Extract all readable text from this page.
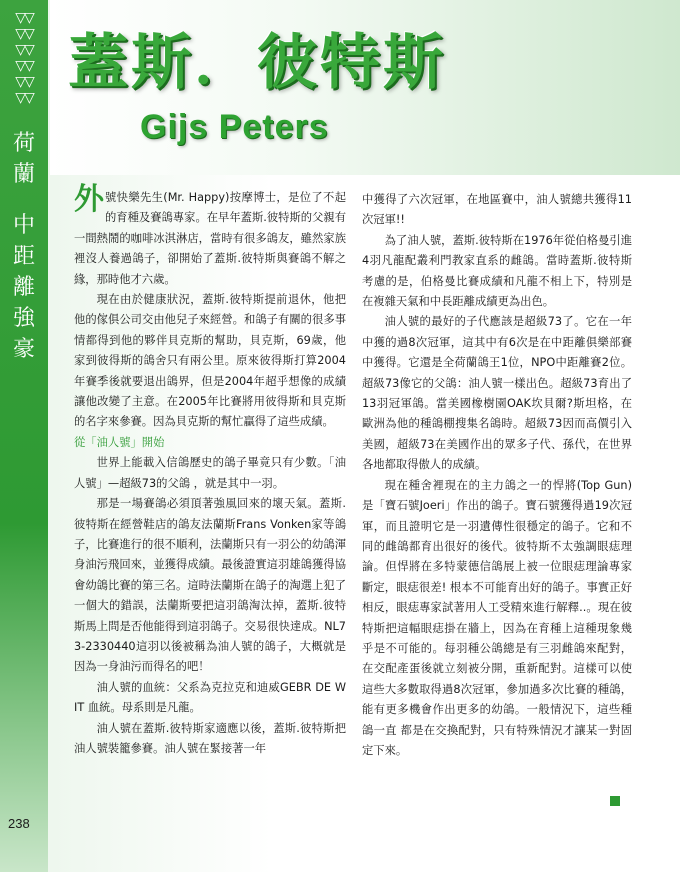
▽▽
▽▽
▽▽
▽▽
▽▽
▽▽
荷
蘭
中
距
離
強
豪
238
蓋斯．彼特斯
Gijs Peters

外號快樂先生(Mr. Happy)按摩博士，是位了不起的育種及賽鴿專家。在早年蓋斯.彼特斯的父親有一間熱鬧的咖啡冰淇淋店，當時有很多鴿友，雖然家族裡沒人養過鴿子，卻開始了蓋斯.彼特斯與賽鴿不解之緣，那時他才六歲。

現在由於健康狀況，蓋斯.彼特斯提前退休，他把他的傢俱公司交由他兒子來經營。和鴿子有關的很多事情都得到他的夥伴貝克斯的幫助，貝克斯，69歲，他家到彼得斯的鴿舍只有兩公里。原來彼得斯打算2004年賽季後就要退出鴿界，但是2004年超乎想像的成績 讓他改變了主意。在2005年比賽將用彼得斯和貝克斯的名字來參賽。因為貝克斯的幫忙贏得了這些成績。

從「油人號」開始

世界上能載入信鴿歷史的鴿子畢竟只有少數。「油人號」—超級73的父鴿 ，就是其中一羽。

那是一場賽鴿必須頂著強風回來的壞天氣。蓋斯.彼特斯在經營鞋店的鴿友法蘭斯Frans Vonken家等鴿子，比賽進行的很不順利，法蘭斯只有一羽公的幼鴿渾身油污飛回來，並獲得成績。最後證實這羽雄鴿獲得協會幼鴿比賽的第三名。這時法蘭斯在鴿子的淘選上犯了一個大的錯誤，法蘭斯要把這羽鴿淘汰掉，蓋斯.彼特斯馬上問是否他能得到這羽鴿子。交易很快達成。NL73-2330440這羽以後被稱為油人號的鴿子，大概就是因為一身油污而得名的吧！

油人號的血統：父系為克拉克和迪威GEBR DE WIT 血統。母系則是凡龍。

油人號在蓋斯.彼特斯家適應以後，蓋斯.彼特斯把油人號裝籠參賽。油人號在緊接著一年

中獲得了六次冠軍，在地區賽中，油人號總共獲得11次冠軍!!

為了油人號，蓋斯.彼特斯在1976年從伯格曼引進 4羽凡龍配叢利門教家直系的雌鴿。當時蓋斯.彼特斯考慮的是，伯格曼比賽成績和凡龍不相上下，特別是在複雜天氣和中長距離成績更為出色。

油人號的最好的子代應該是超級73了。它在一年中獲的過8次冠軍，這其中有6次是在中距離俱樂部賽中獲得。它還是全荷蘭鴿王1位，NPO中距離賽2位。超級73像它的父鴿：油人號一樣出色。超級73育出了13羽冠軍鴿。當美國橡樹園OAK坎貝爾?斯坦格，在歐洲為他的種鴿棚搜集名鴿時。超級73因而高價引入美國，超級73在美國作出的眾多子代、孫代，在世界各地都取得傲人的成績。

現在種舍裡現在的主力鴿之一的悍將(Top Gun) 是「寶石號Joeri」作出的鴿子。寶石號獲得過19次冠軍，而且證明它是一羽遺傳性很穩定的鴿子。它和不同的雌鴿都育出很好的後代。彼特斯不太強調眼痣理論。但悍將在多特蒙德信鴿展上被一位眼痣理論專家斷定，眼痣很差! 根本不可能育出好的鴿子。事實正好相反，眼痣專家試著用人工受精來進行解釋..。現在彼特斯把這幅眼痣掛在牆上，因為在育種上這種現象幾乎是不可能的。每羽種公鴿總是有三羽雌鴿來配對，在交配產蛋後就立刻被分開，重新配對。這樣可以使這些大多數取得過8次冠軍，參加過多次比賽的種鴿，能有更多機會作出更多的幼鴿。一般情況下，這些種鴿一直 都是在交換配對，只有特殊情況才讓某一對固定下來。
